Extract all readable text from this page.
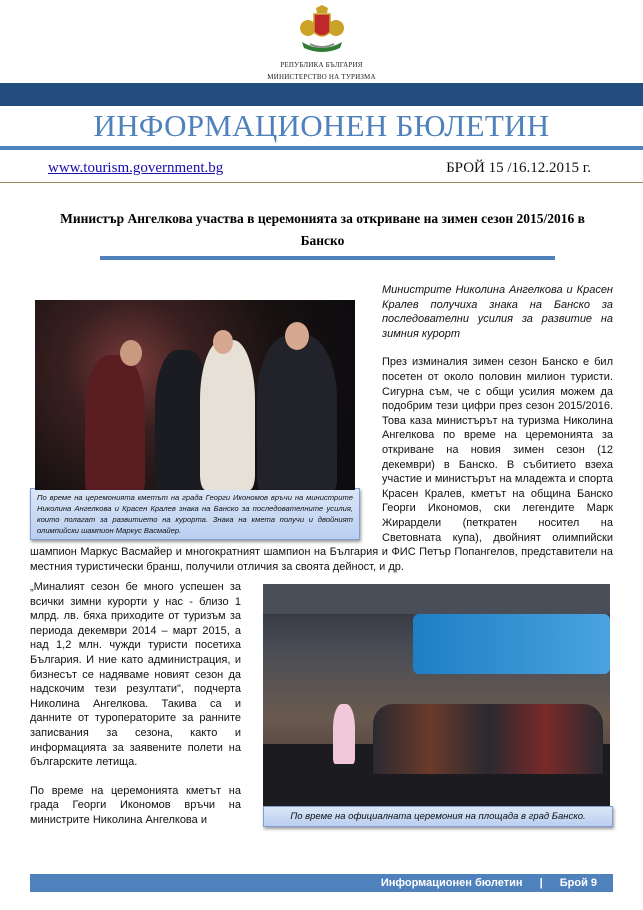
РЕПУБЛИКА БЪЛГАРИЯ
МИНИСТЕРСТВО НА ТУРИЗМА
ИНФОРМАЦИОНЕН БЮЛЕТИН
www.tourism.government.bg	БРОЙ 15 /16.12.2015 г.
Министър Ангелкова участва в церемонията за откриване на зимен сезон 2015/2016 в Банско
По време на церемонията кметът на града Георги Икономов връчи на министрите Николина Ангелкова и Красен Кралев знака на Банско за последователните усилия, които полагат за развитието на курорта. Знака на кмета получи и двойният олимпийски шампион Маркус Васмайер.

Министрите Николина Ангелкова и Красен Кралев получиха знака на Банско за последователни усилия за развитие на зимния курорт

През изминалия зимен сезон Банско е бил посетен от около половин милион туристи. Сигурна съм, че с общи усилия можем да подобрим тези цифри през сезон 2015/2016. Това каза министърът на туризма Николина Ангелкова по време на церемонията за откриване на новия зимен сезон (12 декември) в Банско. В събитието взеха участие и министърът на младежта и спорта Красен Кралев, кметът на община Банско Георги Икономов, ски легендите Марк Жирардели (петкратен носител на Световната купа), двойният олимпийски шампион Маркус Васмайер и многократният шампион на България и ФИС Петър Попангелов, представители на местния туристически бранш, получили отличия за своята дейност, и др.

По време на официалната церемония на площада в град Банско.

„Миналият сезон бе много успешен за всички зимни курорти у нас - близо 1 млрд. лв. бяха приходите от туризъм за периода декември 2014 – март 2015, а над 1,2 млн. чужди туристи посетиха България. И ние като администрация, и бизнесът се надяваме новият сезон да надскочим тези резултати", подчерта Николина Ангелкова. Такива са и данните от туроператорите за ранните записвания за сезона, както и информацията за заявените полети на българските летища.

По време на церемонията кметът на града Георги Икономов връчи на министрите Николина Ангелкова и

Информационен бюлетин | Брой 9
